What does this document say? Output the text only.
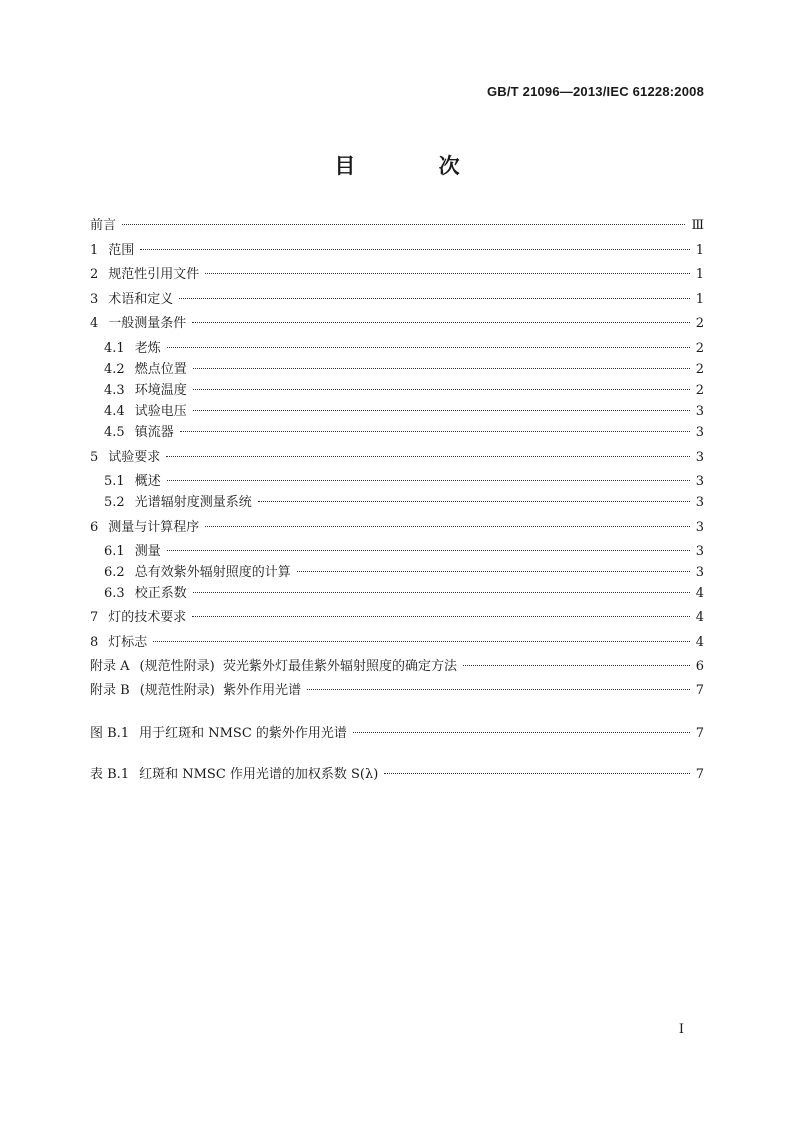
GB/T 21096—2013/IEC 61228:2008
目 次
前言	Ⅲ
1 范围	1
2 规范性引用文件	1
3 术语和定义	1
4 一般测量条件	2
4.1 老炼	2
4.2 燃点位置	2
4.3 环境温度	2
4.4 试验电压	3
4.5 镇流器	3
5 试验要求	3
5.1 概述	3
5.2 光谱辐射度测量系统	3
6 测量与计算程序	3
6.1 测量	3
6.2 总有效紫外辐射照度的计算	3
6.3 校正系数	4
7 灯的技术要求	4
8 灯标志	4
附录 A (规范性附录)  荧光紫外灯最佳紫外辐射照度的确定方法	6
附录 B (规范性附录)  紫外作用光谱	7
图 B.1 用于红斑和 NMSC 的紫外作用光谱	7
表 B.1 红斑和 NMSC 作用光谱的加权系数 S(λ)	7
I
